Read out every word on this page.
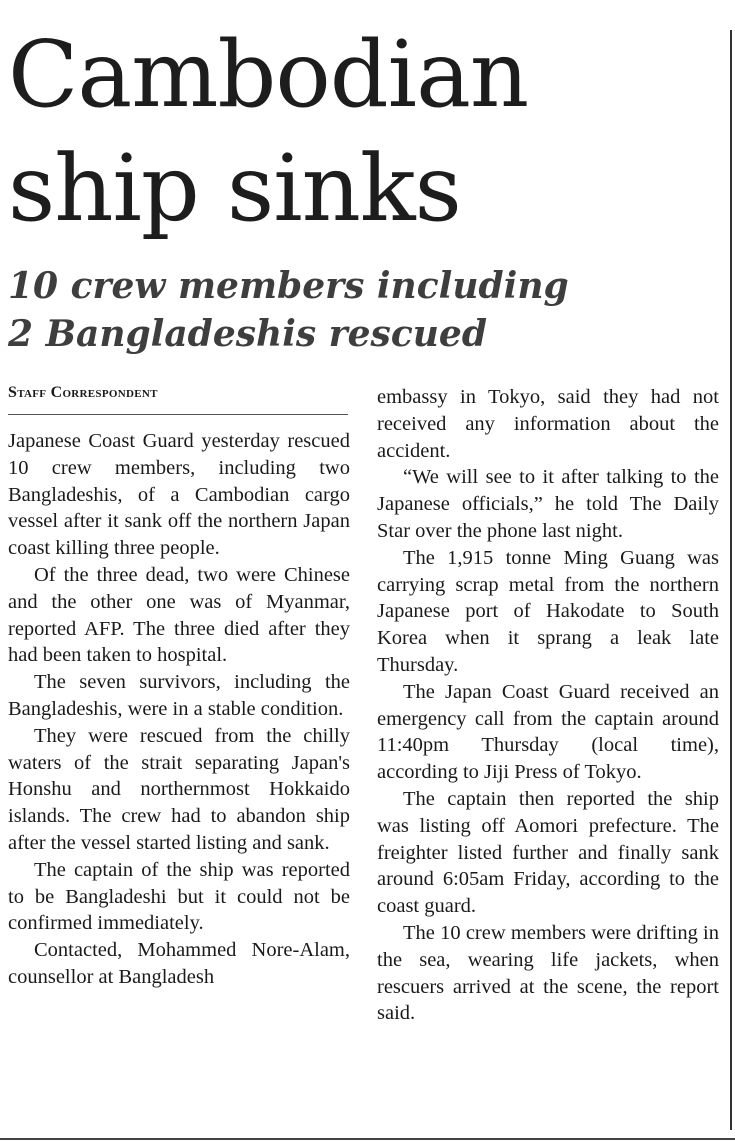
Cambodian
ship sinks
10 crew members including
2 Bangladeshis rescued
Staff Correspondent

Japanese Coast Guard yesterday rescued 10 crew members, including two Bangladeshis, of a Cambodian cargo vessel after it sank off the northern Japan coast killing three people.

Of the three dead, two were Chinese and the other one was of Myanmar, reported AFP. The three died after they had been taken to hospital.

The seven survivors, including the Bangladeshis, were in a stable condition.

They were rescued from the chilly waters of the strait separating Japan's Honshu and northernmost Hokkaido islands. The crew had to abandon ship after the vessel started listing and sank.

The captain of the ship was reported to be Bangladeshi but it could not be confirmed immediately.

Contacted, Mohammed Nore-Alam, counsellor at Bangladesh

embassy in Tokyo, said they had not received any information about the accident.

“We will see to it after talking to the Japanese officials,” he told The Daily Star over the phone last night.

The 1,915 tonne Ming Guang was carrying scrap metal from the northern Japanese port of Hakodate to South Korea when it sprang a leak late Thursday.

The Japan Coast Guard received an emergency call from the captain around 11:40pm Thursday (local time), according to Jiji Press of Tokyo.

The captain then reported the ship was listing off Aomori prefecture. The freighter listed further and finally sank around 6:05am Friday, according to the coast guard.

The 10 crew members were drifting in the sea, wearing life jackets, when rescuers arrived at the scene, the report said.
